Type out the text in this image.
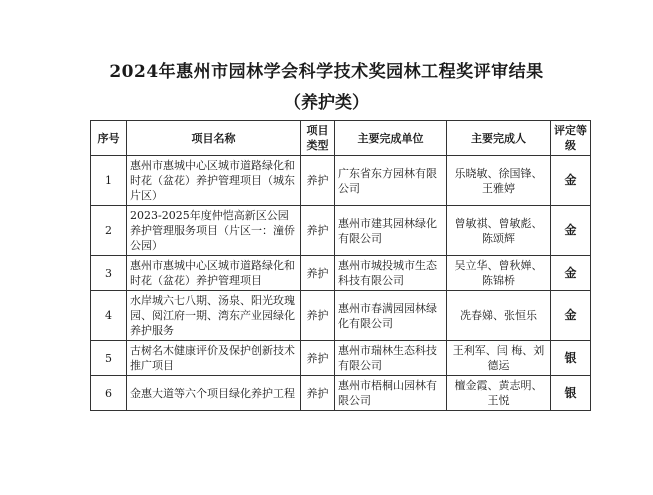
2024年惠州市园林学会科学技术奖园林工程奖评审结果
（养护类）
序号	项目名称	项目类型	主要完成单位	主要完成人	评定等级
1	惠州市惠城中心区城市道路绿化和时花（盆花）养护管理项目（城东片区）	养护	广东省东方园林有限公司	乐晓敏、徐国锋、王雅婷	金
2	2023-2025年度仲恺高新区公园养护管理服务项目（片区一：潼侨公园）	养护	惠州市建其园林绿化有限公司	曾敏祺、曾敏彪、陈颂辉	金
3	惠州市惠城中心区城市道路绿化和时花（盆花）养护管理项目	养护	惠州市城投城市生态科技有限公司	吴立华、曾秋婵、陈锦桥	金
4	水岸城六七八期、汤泉、阳光玫瑰园、阅江府一期、湾东产业园绿化养护服务	养护	惠州市春满园园林绿化有限公司	冼春娣、张恒乐	金
5	古树名木健康评价及保护创新技术推广项目	养护	惠州市瑞林生态科技有限公司	王利军、闫 梅、刘德运	银
6	金惠大道等六个项目绿化养护工程	养护	惠州市梧桐山园林有限公司	檀金霞、黄志明、王悦	银
